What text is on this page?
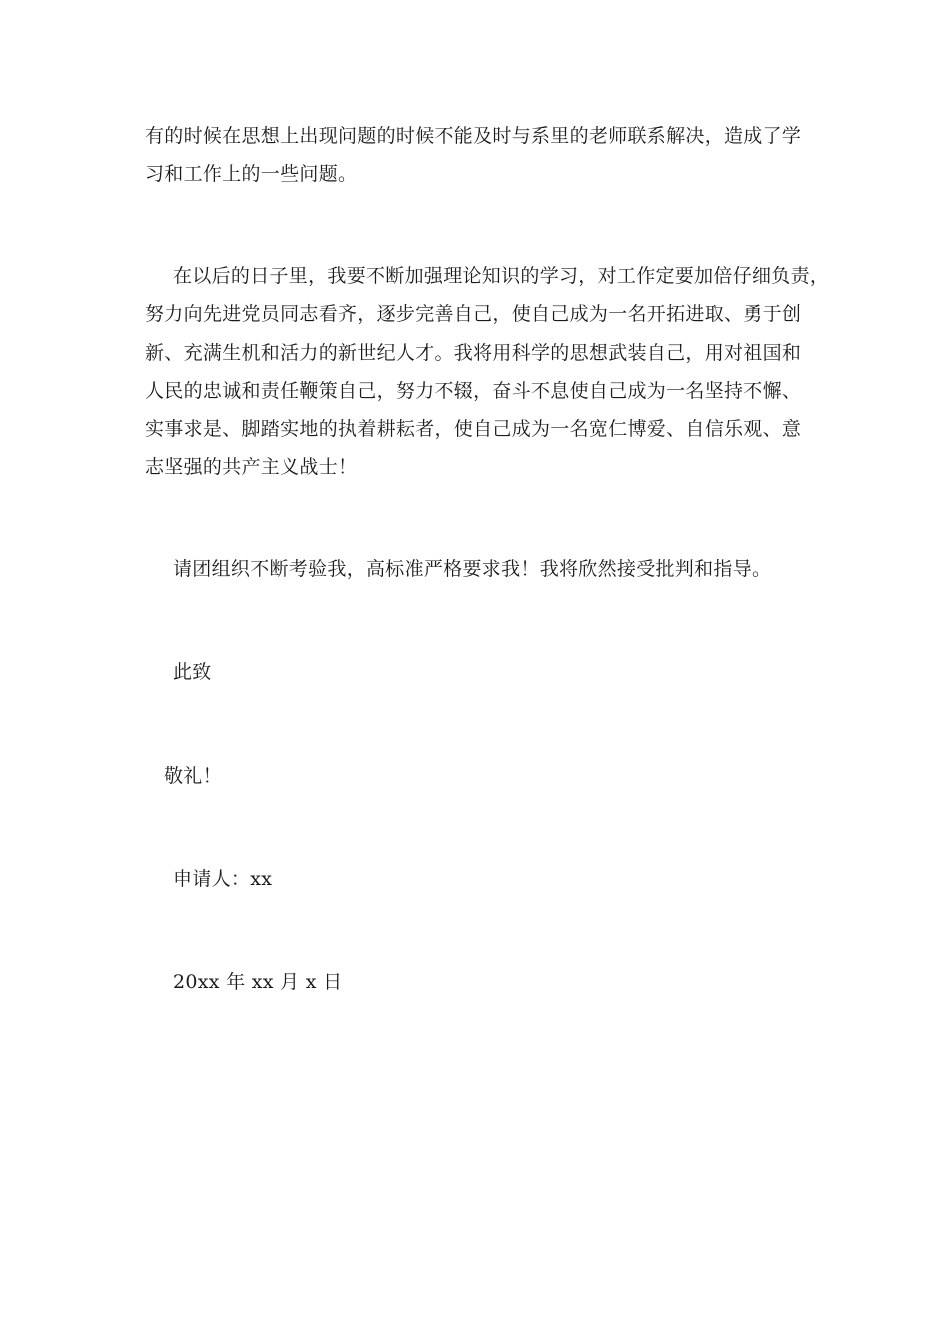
有的时候在思想上出现问题的时候不能及时与系里的老师联系解决，造成了学
习和工作上的一些问题。
在以后的日子里，我要不断加强理论知识的学习，对工作定要加倍仔细负责，
努力向先进党员同志看齐，逐步完善自己，使自己成为一名开拓进取、勇于创
新、充满生机和活力的新世纪人才。我将用科学的思想武装自己，用对祖国和
人民的忠诚和责任鞭策自己，努力不辍，奋斗不息使自己成为一名坚持不懈、
实事求是、脚踏实地的执着耕耘者，使自己成为一名宽仁博爱、自信乐观、意
志坚强的共产主义战士！
请团组织不断考验我，高标准严格要求我！我将欣然接受批判和指导。
此致
敬礼！
申请人：xx
20xx 年 xx 月 x 日
